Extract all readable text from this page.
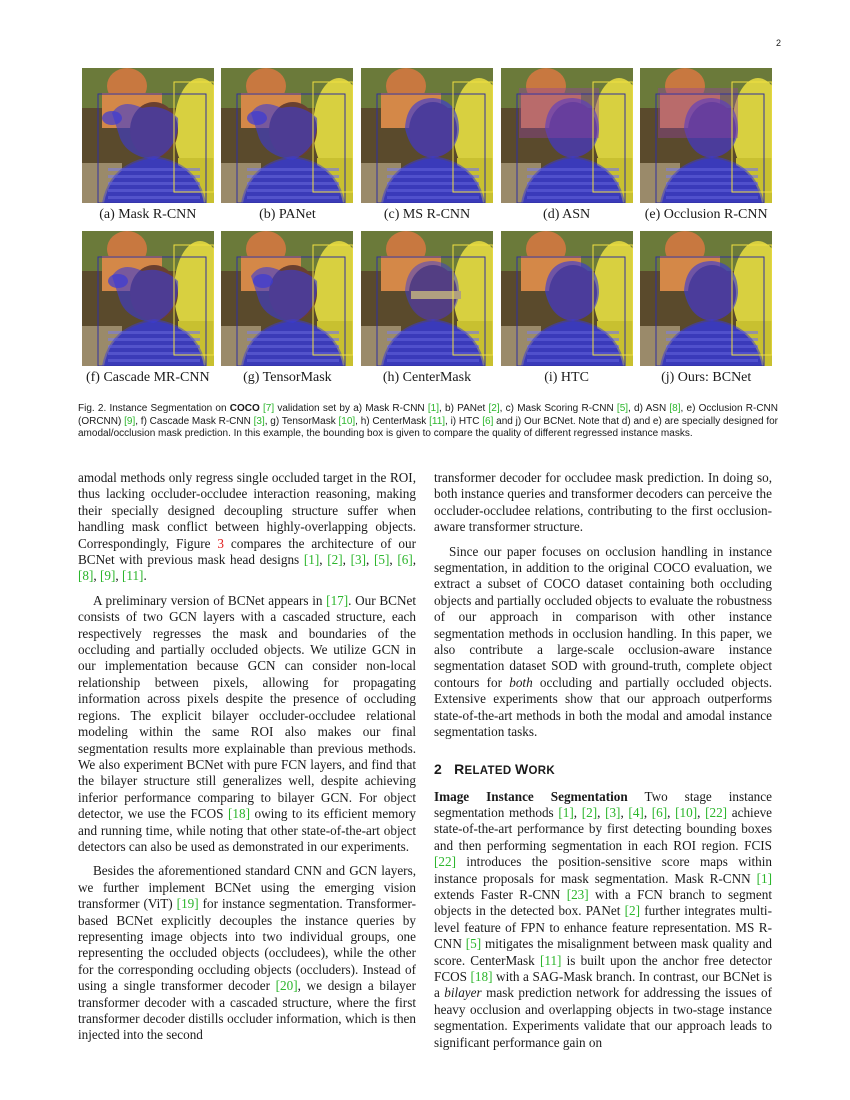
2
(a) Mask R-CNN	(b) PANet	(c) MS R-CNN	(d) ASN	(e) Occlusion R-CNN
(f) Cascade MR-CNN (g) TensorMask	(h) CenterMask	(i) HTC	(j) Ours: BCNet
Fig. 2. Instance Segmentation on COCO [7] validation set by a) Mask R-CNN [1], b) PANet [2], c) Mask Scoring R-CNN [5], d) ASN [8], e) Occlusion R-CNN (ORCNN) [9], f) Cascade Mask R-CNN [3], g) TensorMask [10], h) CenterMask [11], i) HTC [6] and j) Our BCNet. Note that d) and e) are specially designed for amodal/occlusion mask prediction. In this example, the bounding box is given to compare the quality of different regressed instance masks.

amodal methods only regress single occluded target in the ROI, thus lacking occluder-occludee interaction reasoning, making their specially designed decoupling structure suffer when handling mask conflict between highly-overlapping objects. Correspondingly, Figure 3 compares the architecture of our BCNet with previous mask head designs [1], [2], [3], [5], [6], [8], [9], [11].

A preliminary version of BCNet appears in [17]. Our BCNet consists of two GCN layers with a cascaded structure, each respectively regresses the mask and boundaries of the occluding and partially occluded objects. We utilize GCN in our implementation because GCN can consider non-local relationship between pixels, allowing for propagating information across pixels despite the presence of occluding regions. The explicit bilayer occluder-occludee relational modeling within the same ROI also makes our final segmentation results more explainable than previous methods. We also experiment BCNet with pure FCN layers, and find that the bilayer structure still generalizes well, despite achieving inferior performance comparing to bilayer GCN. For object detector, we use the FCOS [18] owing to its efficient memory and running time, while noting that other state-of-the-art object detectors can also be used as demonstrated in our experiments.

Besides the aforementioned standard CNN and GCN layers, we further implement BCNet using the emerging vision transformer (ViT) [19] for instance segmentation. Transformer-based BCNet explicitly decouples the instance queries by representing image objects into two individual groups, one representing the occluded objects (occludees), while the other for the corresponding occluding objects (occluders). Instead of using a single transformer decoder [20], we design a bilayer transformer decoder with a cascaded structure, where the first transformer decoder distills occluder information, which is then injected into the second

transformer decoder for occludee mask prediction. In doing so, both instance queries and transformer decoders can perceive the occluder-occludee relations, contributing to the first occlusion-aware transformer structure.

Since our paper focuses on occlusion handling in instance segmentation, in addition to the original COCO evaluation, we extract a subset of COCO dataset containing both occluding objects and partially occluded objects to evaluate the robustness of our approach in comparison with other instance segmentation methods in occlusion handling. In this paper, we also contribute a large-scale occlusion-aware instance segmentation dataset SOD with ground-truth, complete object contours for both occluding and partially occluded objects. Extensive experiments show that our approach outperforms state-of-the-art methods in both the modal and amodal instance segmentation tasks.

2 RELATED WORK

Image Instance Segmentation Two stage instance segmentation methods [1], [2], [3], [4], [6], [10], [22] achieve state-of-the-art performance by first detecting bounding boxes and then performing segmentation in each ROI region. FCIS [22] introduces the position-sensitive score maps within instance proposals for mask segmentation. Mask R-CNN [1] extends Faster R-CNN [23] with a FCN branch to segment objects in the detected box. PANet [2] further integrates multi-level feature of FPN to enhance feature representation. MS R-CNN [5] mitigates the misalignment between mask quality and score. CenterMask [11] is built upon the anchor free detector FCOS [18] with a SAG-Mask branch. In contrast, our BCNet is a bilayer mask prediction network for addressing the issues of heavy occlusion and overlapping objects in two-stage instance segmentation. Experiments validate that our approach leads to significant performance gain on
